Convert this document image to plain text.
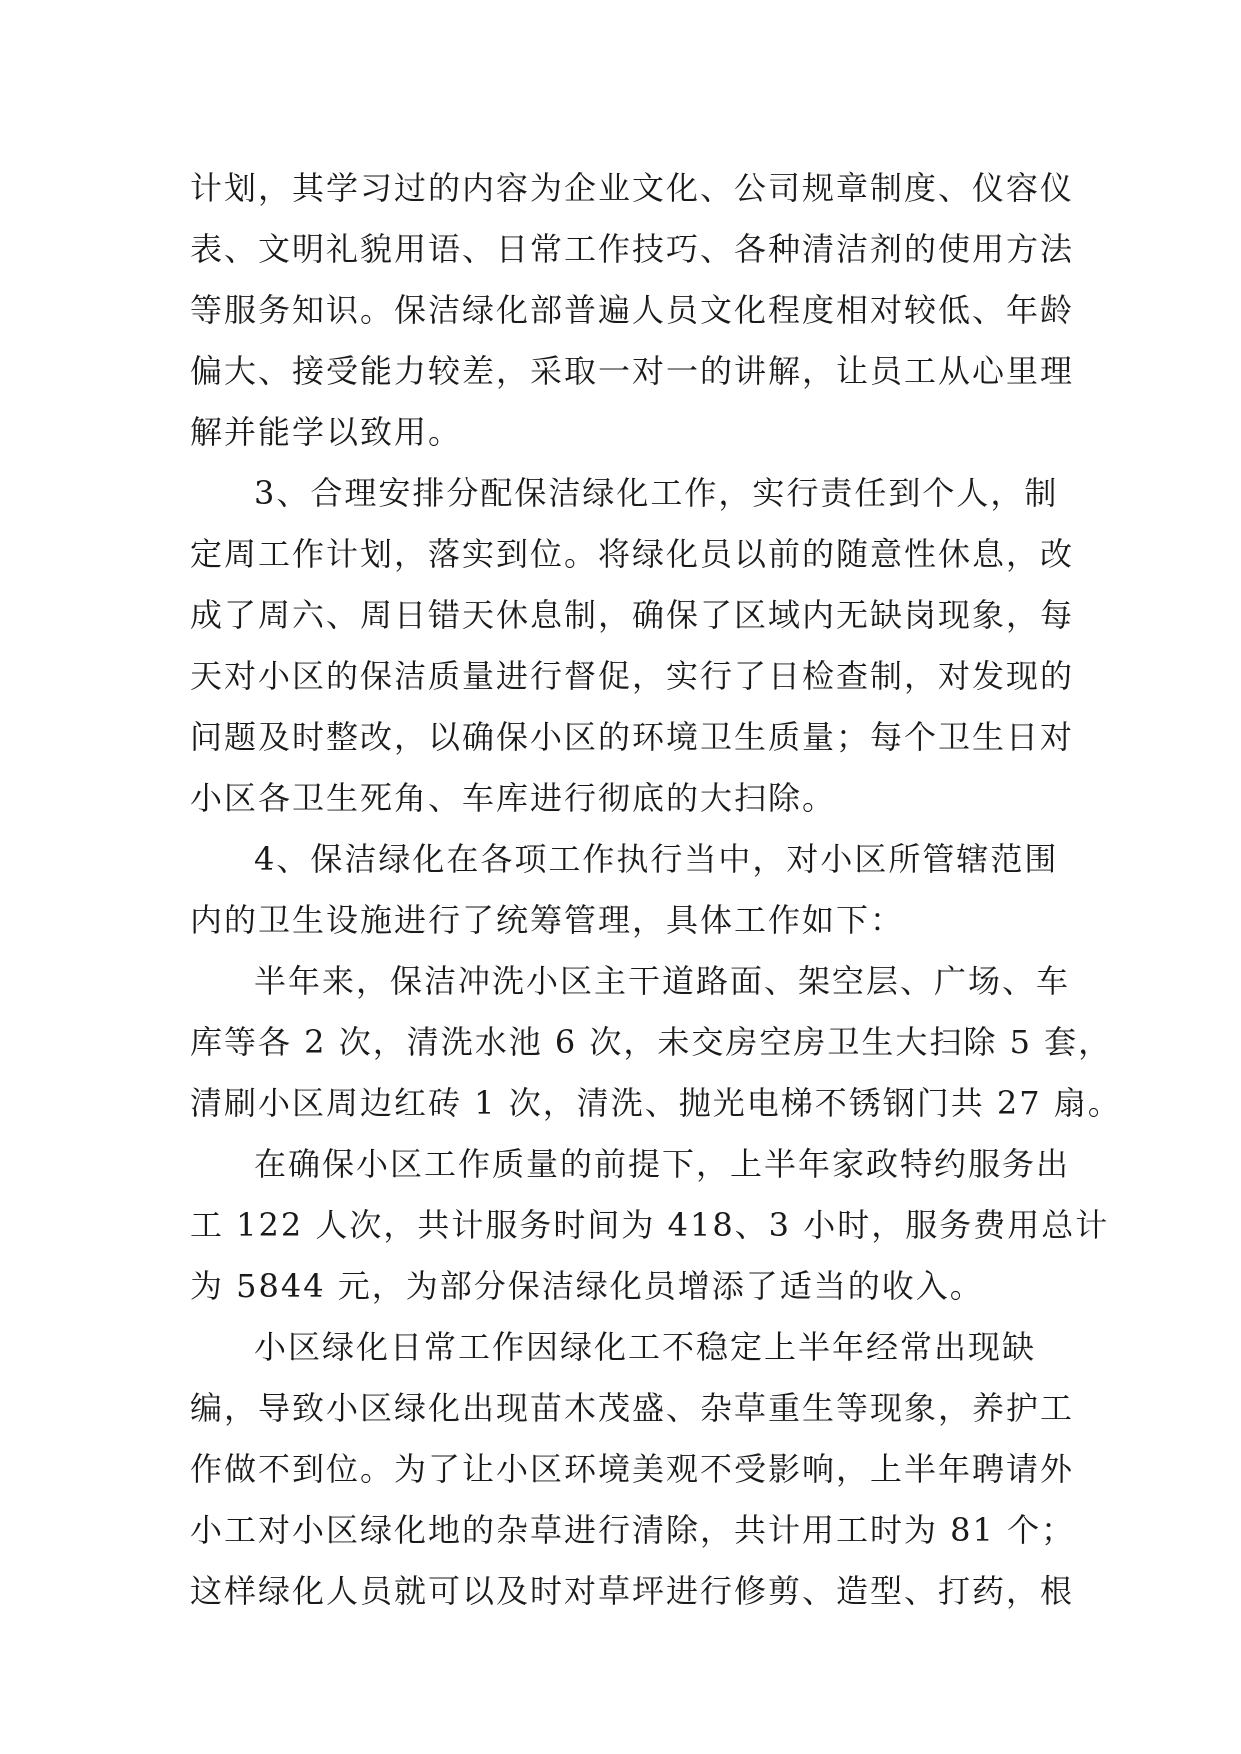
计划，其学习过的内容为企业文化、公司规章制度、仪容仪
表、文明礼貌用语、日常工作技巧、各种清洁剂的使用方法
等服务知识。保洁绿化部普遍人员文化程度相对较低、年龄
偏大、接受能力较差，采取一对一的讲解，让员工从心里理
解并能学以致用。
3、合理安排分配保洁绿化工作，实行责任到个人，制
定周工作计划，落实到位。将绿化员以前的随意性休息，改
成了周六、周日错天休息制，确保了区域内无缺岗现象，每
天对小区的保洁质量进行督促，实行了日检查制，对发现的
问题及时整改，以确保小区的环境卫生质量；每个卫生日对
小区各卫生死角、车库进行彻底的大扫除。
4、保洁绿化在各项工作执行当中，对小区所管辖范围
内的卫生设施进行了统筹管理，具体工作如下：
半年来，保洁冲洗小区主干道路面、架空层、广场、车
库等各 2 次，清洗水池 6 次，未交房空房卫生大扫除 5 套，
清刷小区周边红砖 1 次，清洗、抛光电梯不锈钢门共 27 扇。
在确保小区工作质量的前提下，上半年家政特约服务出
工 122 人次，共计服务时间为 418、3 小时，服务费用总计
为 5844 元，为部分保洁绿化员增添了适当的收入。
小区绿化日常工作因绿化工不稳定上半年经常出现缺
编，导致小区绿化出现苗木茂盛、杂草重生等现象，养护工
作做不到位。为了让小区环境美观不受影响，上半年聘请外
小工对小区绿化地的杂草进行清除，共计用工时为 81 个；
这样绿化人员就可以及时对草坪进行修剪、造型、打药，根
